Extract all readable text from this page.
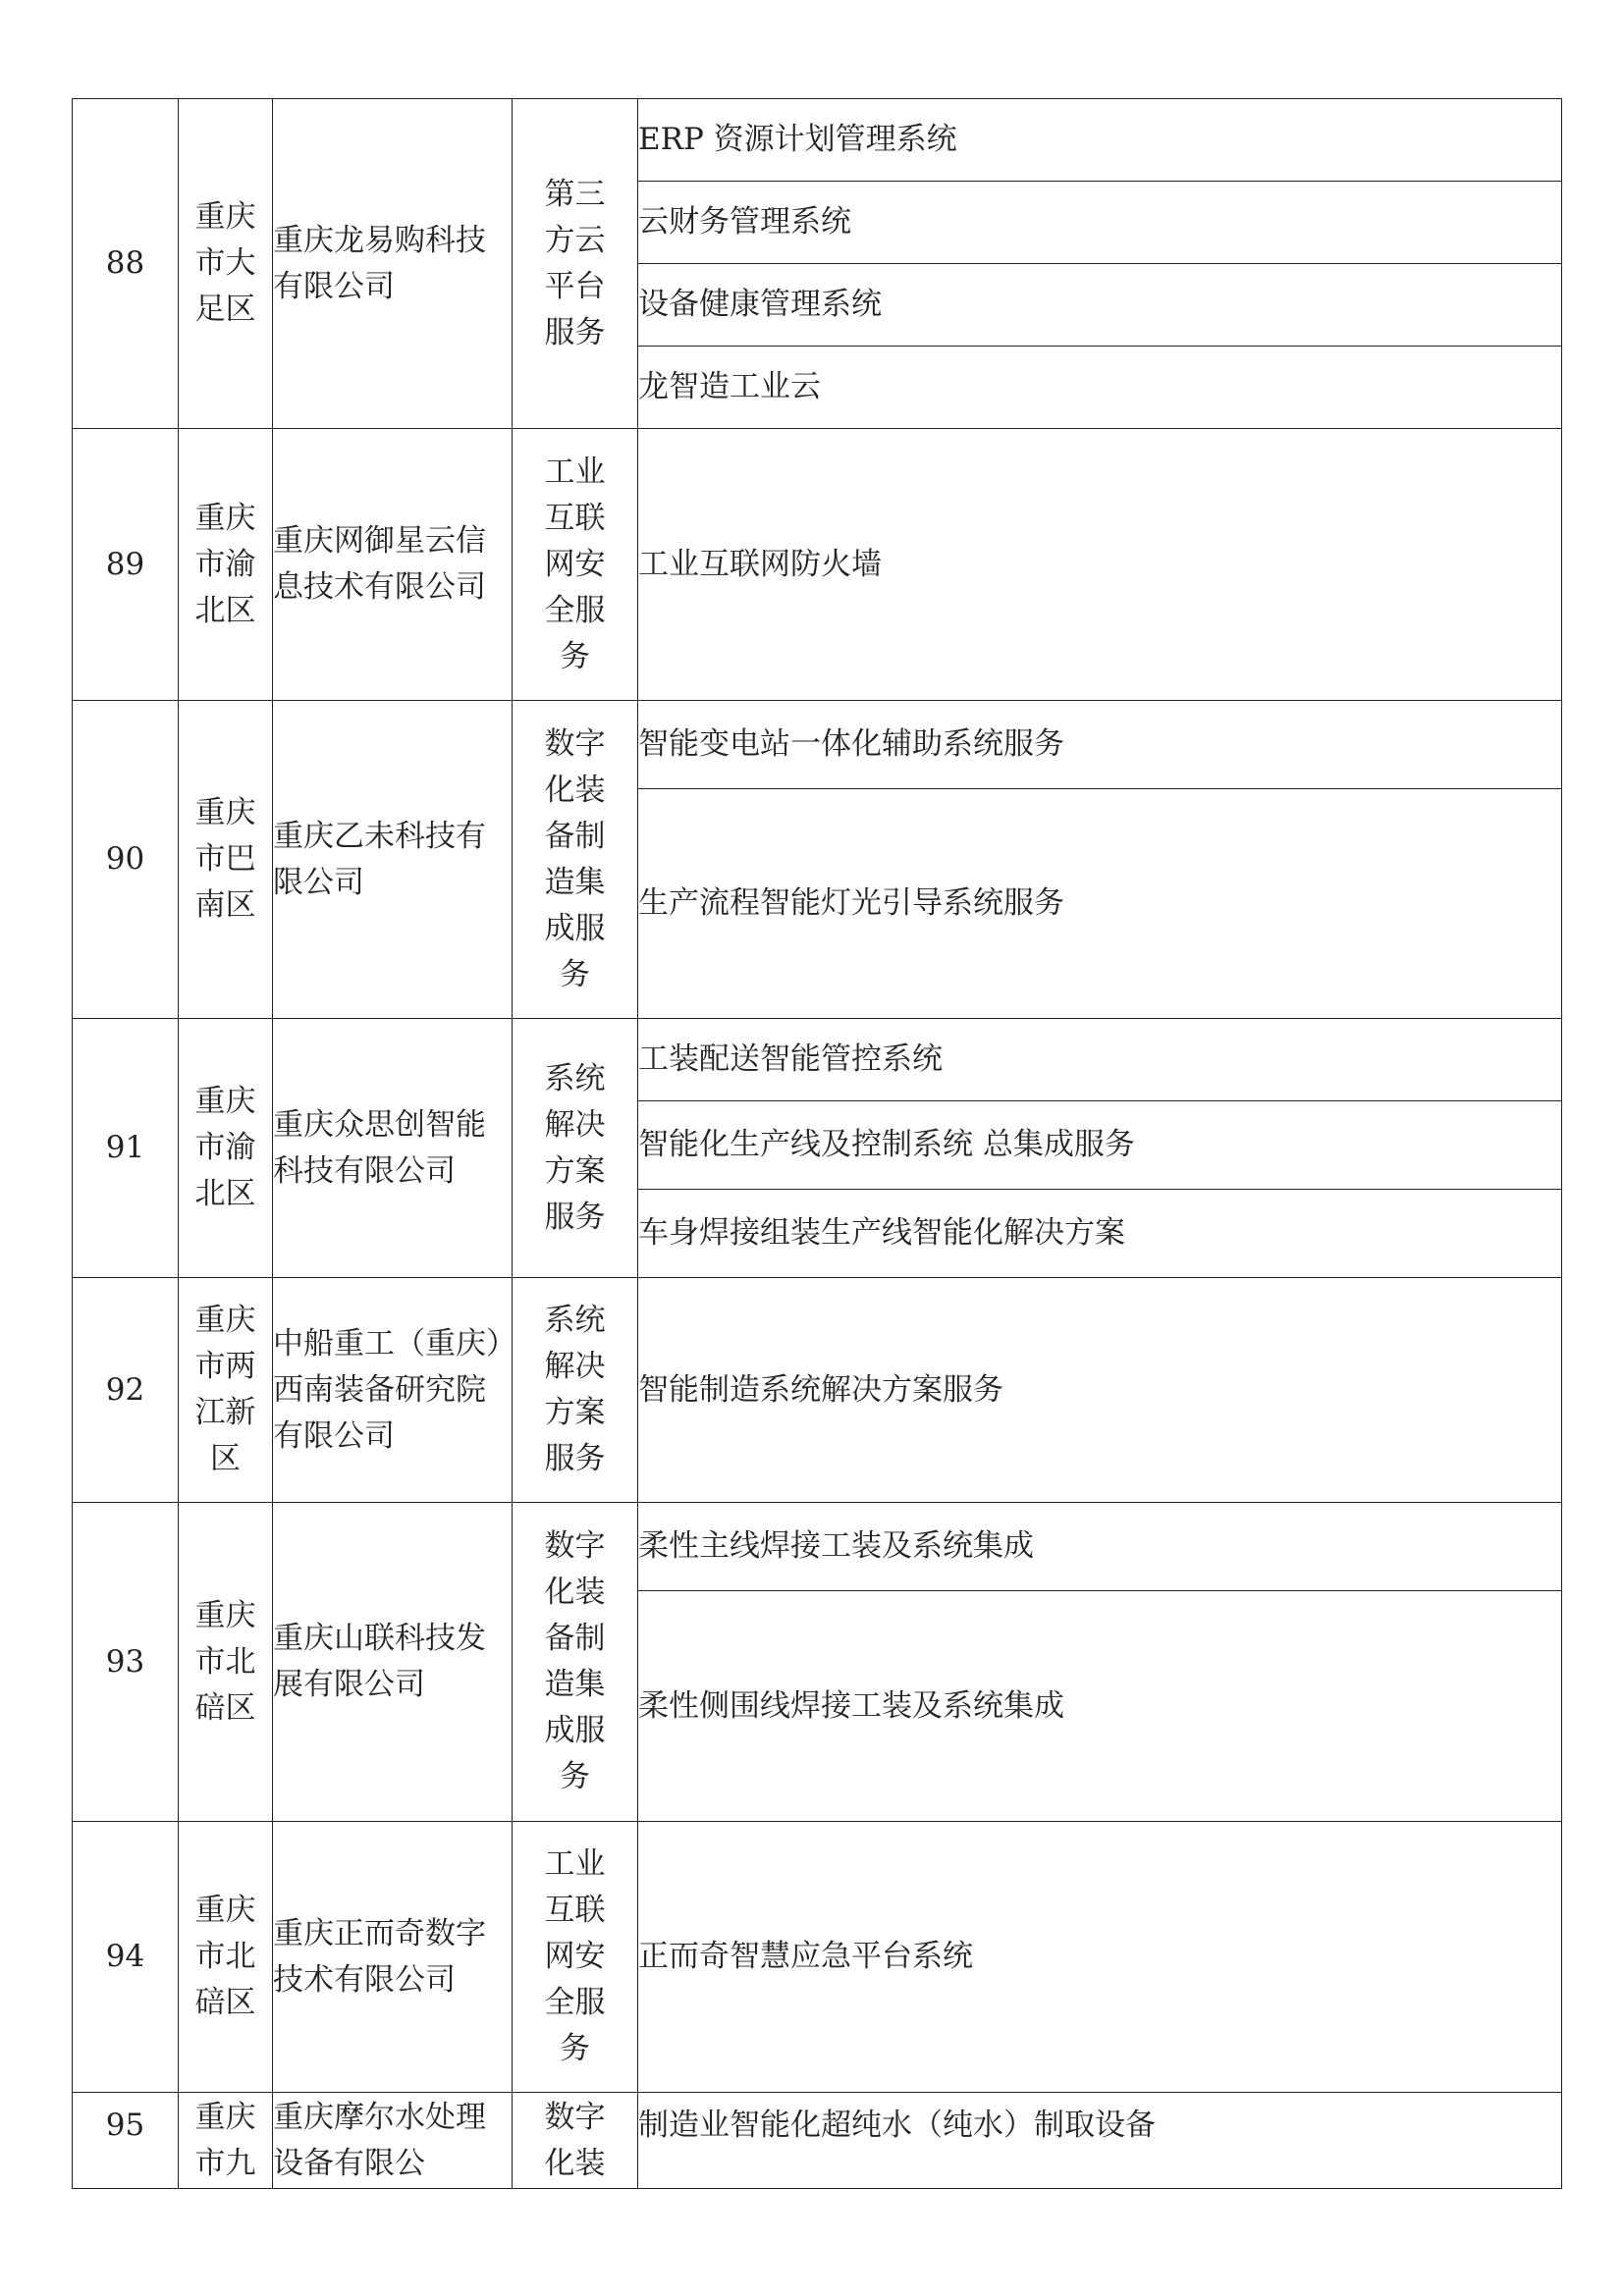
88	重庆市大足区	重庆龙易购科技有限公司	第三方云平台服务	ERP 资源计划管理系统
				云财务管理系统
				设备健康管理系统
				龙智造工业云
89	重庆市渝北区	重庆网御星云信息技术有限公司	工业互联网安全服务	工业互联网防火墙
90	重庆市巴南区	重庆乙未科技有限公司	数字化装备制造集成服务	智能变电站一体化辅助系统服务
				生产流程智能灯光引导系统服务
91	重庆市渝北区	重庆众思创智能科技有限公司	系统解决方案服务	工装配送智能管控系统
				智能化生产线及控制系统 总集成服务
				车身焊接组装生产线智能化解决方案
92	重庆市两江新区	中船重工（重庆）西南装备研究院有限公司	系统解决方案服务	智能制造系统解决方案服务
93	重庆市北碚区	重庆山联科技发展有限公司	数字化装备制造集成服务	柔性主线焊接工装及系统集成
				柔性侧围线焊接工装及系统集成
94	重庆市北碚区	重庆正而奇数字技术有限公司	工业互联网安全服务	正而奇智慧应急平台系统
95	重庆市九	重庆摩尔水处理设备有限公	数字化装	制造业智能化超纯水（纯水）制取设备
